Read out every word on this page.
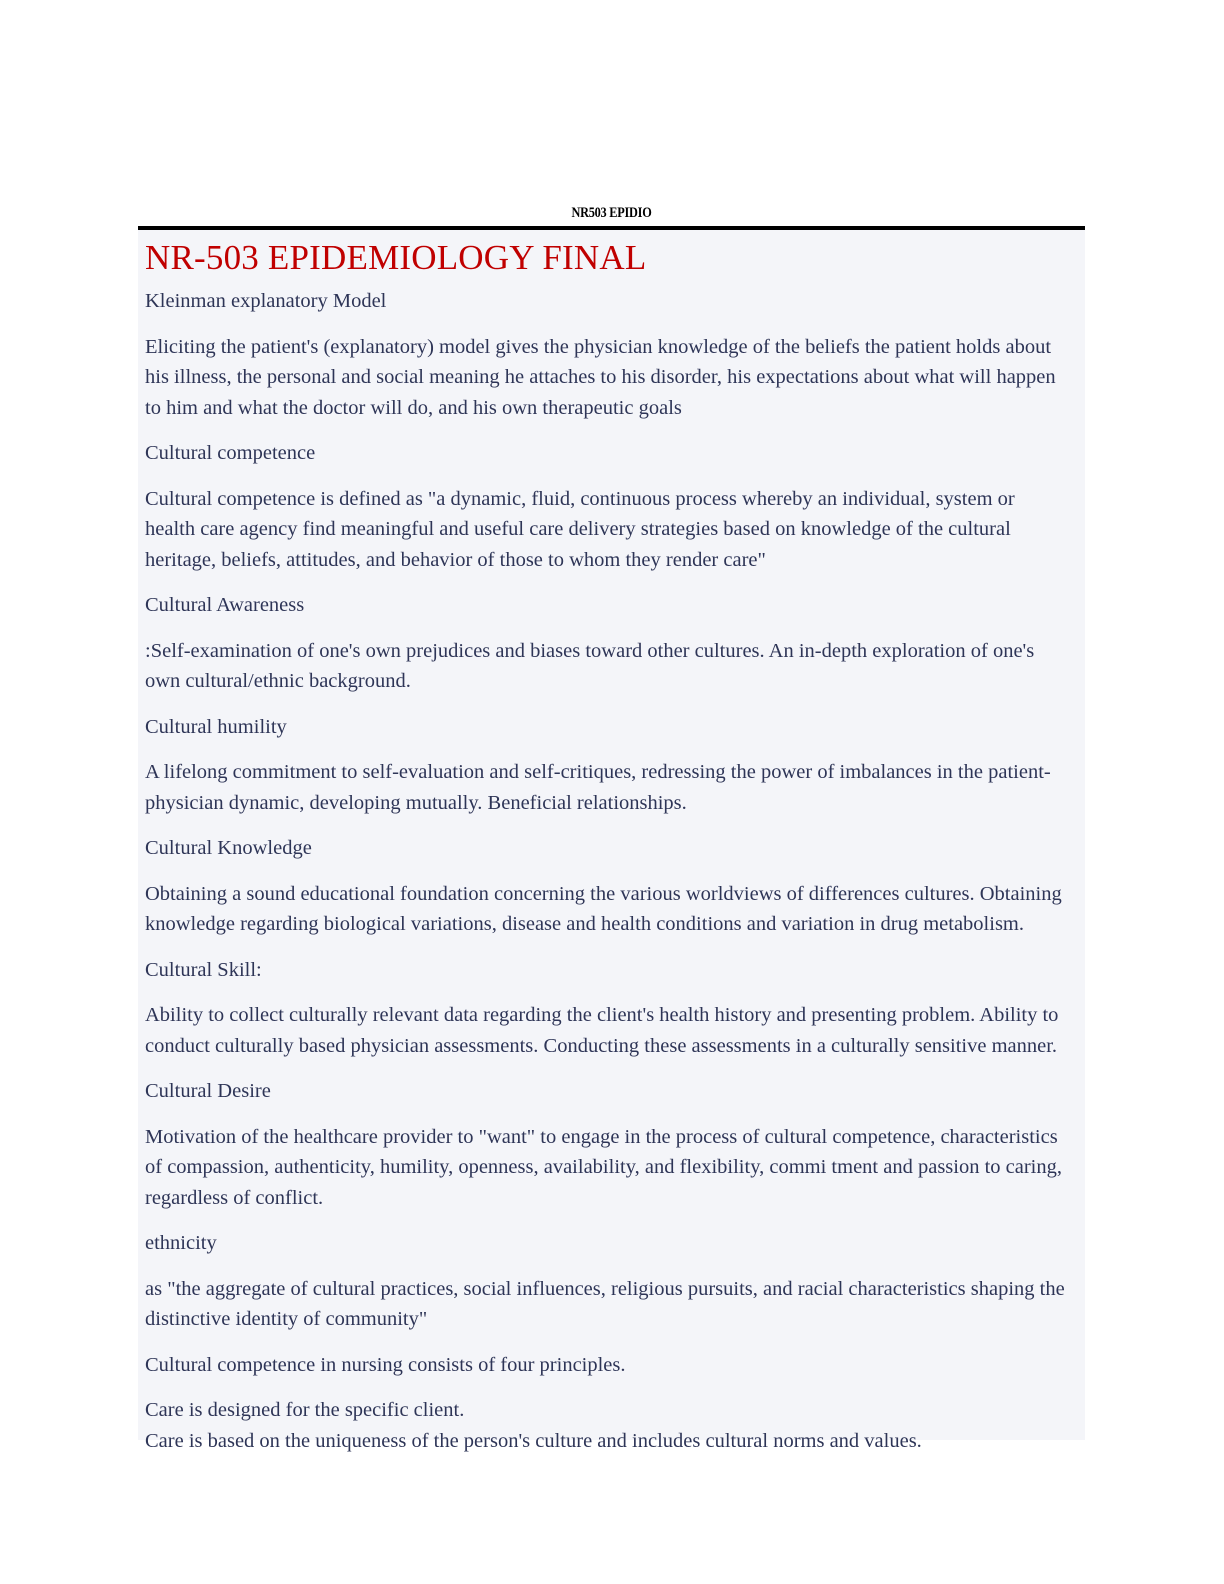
NR503 EPIDIO
NR-503 EPIDEMIOLOGY FINAL

Kleinman explanatory Model

Eliciting the patient's (explanatory) model gives the physician knowledge of the beliefs the patient holds about his illness, the personal and social meaning he attaches to his disorder, his expectations about what will happen to him and what the doctor will do, and his own therapeutic goals

Cultural competence

Cultural competence is defined as "a dynamic, fluid, continuous process whereby an individual, system or health care agency find meaningful and useful care delivery strategies based on knowledge of the cultural heritage, beliefs, attitudes, and behavior of those to whom they render care"

Cultural Awareness

:Self-examination of one's own prejudices and biases toward other cultures. An in-depth exploration of one's own cultural/ethnic background.

Cultural humility

A lifelong commitment to self-evaluation and self-critiques, redressing the power of imbalances in the patient- physician dynamic, developing mutually. Beneficial relationships.

Cultural Knowledge

Obtaining a sound educational foundation concerning the various worldviews of differences cultures. Obtaining knowledge regarding biological variations, disease and health conditions and variation in drug metabolism.

Cultural Skill:

Ability to collect culturally relevant data regarding the client's health history and presenting problem. Ability to conduct culturally based physician assessments. Conducting these assessments in a culturally sensitive manner.

Cultural Desire

Motivation of the healthcare provider to "want" to engage in the process of cultural competence, characteristics of compassion, authenticity, humility, openness, availability, and flexibility, commi tment and passion to caring, regardless of conflict.

ethnicity

as "the aggregate of cultural practices, social influences, religious pursuits, and racial characteristics shaping the distinctive identity of community"

Cultural competence in nursing consists of four principles.

Care is designed for the specific client.
Care is based on the uniqueness of the person's culture and includes cultural norms and values.
